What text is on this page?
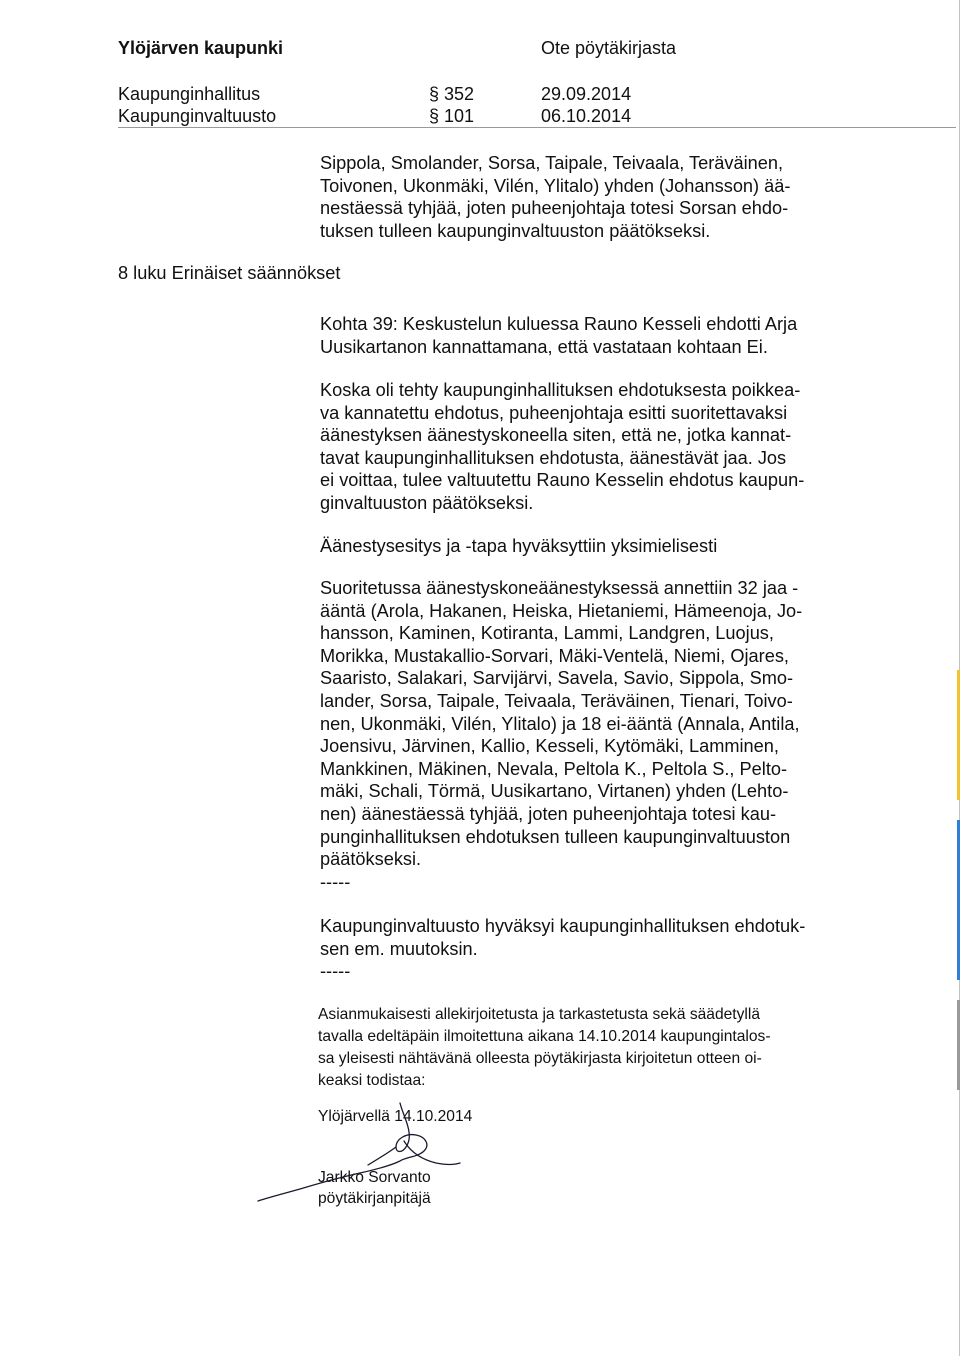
Ylöjärven kaupunki	Ote pöytäkirjasta
Kaupunginhallitus	§ 352	29.09.2014
Kaupunginvaltuusto	§ 101	06.10.2014
8 luku Erinäiset säännökset
Sippola, Smolander, Sorsa, Taipale, Teivaala, Teräväinen,
Toivonen, Ukonmäki, Vilén, Ylitalo) yhden (Johansson) ää-
nestäessä tyhjää, joten puheenjohtaja totesi Sorsan ehdo-
tuksen tulleen kaupunginvaltuuston päätökseksi.
Kohta 39: Keskustelun kuluessa Rauno Kesseli ehdotti Arja
Uusikartanon kannattamana, että vastataan kohtaan Ei.
Koska oli tehty kaupunginhallituksen ehdotuksesta poikkea-
va kannatettu ehdotus, puheenjohtaja esitti suoritettavaksi
äänestyksen äänestyskoneella siten, että ne, jotka kannat-
tavat kaupunginhallituksen ehdotusta, äänestävät jaa. Jos
ei voittaa, tulee valtuutettu Rauno Kesselin ehdotus kaupun-
ginvaltuuston päätökseksi.
Äänestysesitys ja -tapa hyväksyttiin yksimielisesti
Suoritetussa äänestyskoneäänestyksessä annettiin 32 jaa -
ääntä (Arola, Hakanen, Heiska, Hietaniemi, Hämeenoja, Jo-
hansson, Kaminen, Kotiranta, Lammi, Landgren, Luojus,
Morikka, Mustakallio-Sorvari, Mäki-Ventelä, Niemi, Ojares,
Saaristo, Salakari, Sarvijärvi, Savela, Savio, Sippola, Smo-
lander, Sorsa, Taipale, Teivaala, Teräväinen, Tienari, Toivo-
nen, Ukonmäki, Vilén, Ylitalo) ja 18 ei-ääntä (Annala, Antila,
Joensivu, Järvinen, Kallio, Kesseli, Kytömäki, Lamminen,
Mankkinen, Mäkinen, Nevala, Peltola K., Peltola S., Pelto-
mäki, Schali, Törmä, Uusikartano, Virtanen) yhden (Lehto-
nen) äänestäessä tyhjää, joten puheenjohtaja totesi kau-
punginhallituksen ehdotuksen tulleen kaupunginvaltuuston
päätökseksi.
-----
Kaupunginvaltuusto hyväksyi kaupunginhallituksen ehdotuk-
sen em. muutoksin.
-----
Asianmukaisesti allekirjoitetusta ja tarkastetusta sekä säädetyllä
tavalla edeltäpäin ilmoitettuna aikana 14.10.2014 kaupungintalos-
sa yleisesti nähtävänä olleesta pöytäkirjasta kirjoitetun otteen oi-
keaksi todistaa:
Ylöjärvellä 14.10.2014
Jarkko Sorvanto
pöytäkirjanpitäjä
